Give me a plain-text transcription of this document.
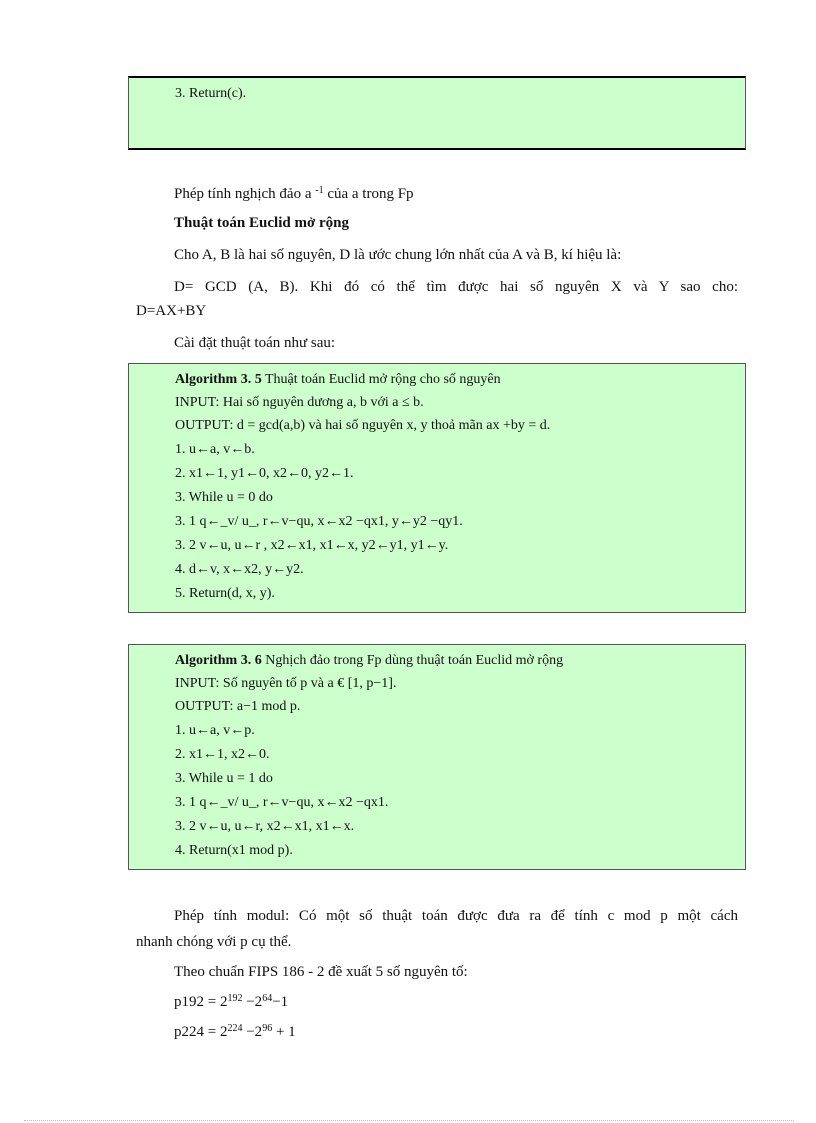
3. Return(c).
Phép tính nghịch đảo a $^{-1}$ của a trong Fp
Thuật toán Euclid mở rộng
Cho A, B là hai số nguyên, D là ước chung lớn nhất của A và B, kí hiệu là:
D= GCD (A, B). Khi đó có thể tìm được hai số nguyên X và Y sao cho:
D=AX+BY
Cài đặt thuật toán như sau:
Algorithm 3. 5 Thuật toán Euclid mở rộng cho số nguyên
INPUT: Hai số nguyên dương a, b với a ≤ b.
OUTPUT: d = gcd(a,b) và hai số nguyên x, y thoả mãn ax +by = d.
1. u←a, v←b.
2. x1←1, y1←0, x2←0, y2←1.
3. While u = 0 do
3. 1 q←_v/ u_, r←v−qu, x←x2 −qx1, y←y2 −qy1.
3. 2 v←u, u←r , x2←x1, x1←x, y2←y1, y1←y.
4. d←v, x←x2, y←y2.
5. Return(d, x, y).
Algorithm 3. 6 Nghịch đảo trong Fp dùng thuật toán Euclid mở rộng
INPUT: Số nguyên tố p và a € [1, p−1].
OUTPUT: a−1 mod p.
1. u←a, v←p.
2. x1←1, x2←0.
3. While u = 1 do
3. 1 q←_v/ u_, r←v−qu, x←x2 −qx1.
3. 2 v←u, u←r, x2←x1, x1←x.
4. Return(x1 mod p).
Phép tính modul: Có một số thuật toán được đưa ra để tính c mod p một cách
nhanh chóng với p cụ thể.
Theo chuẩn FIPS 186 - 2 đề xuất 5 số nguyên tố:
$p192 = 2^{192} -2^{64}-1$
$p224 = 2^{224} -2^{96} + 1$
